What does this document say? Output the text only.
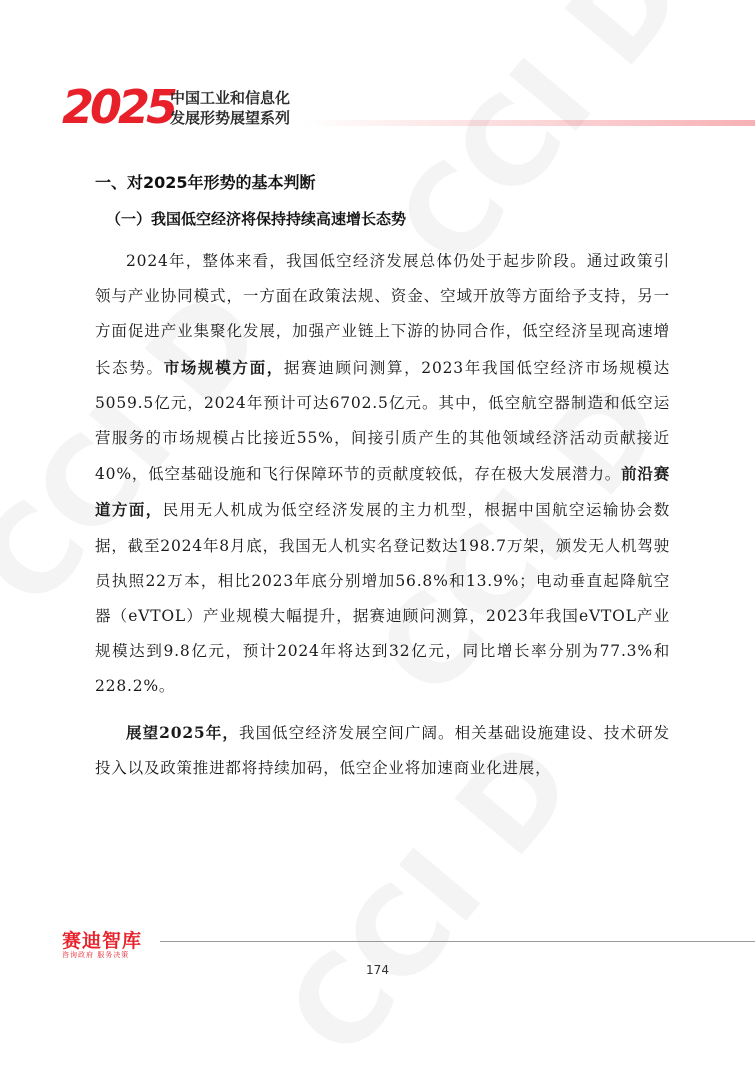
2025
中国工业和信息化
发展形势展望系列
一、对2025年形势的基本判断
（一）我国低空经济将保持持续高速增长态势

2024年，整体来看，我国低空经济发展总体仍处于起步阶段。通过政策引领与产业协同模式，一方面在政策法规、资金、空域开放等方面给予支持，另一方面促进产业集聚化发展，加强产业链上下游的协同合作，低空经济呈现高速增长态势。市场规模方面，据赛迪顾问测算，2023年我国低空经济市场规模达5059.5亿元，2024年预计可达6702.5亿元。其中，低空航空器制造和低空运营服务的市场规模占比接近55%，间接引质产生的其他领域经济活动贡献接近40%，低空基础设施和飞行保障环节的贡献度较低，存在极大发展潜力。前沿赛道方面，民用无人机成为低空经济发展的主力机型，根据中国航空运输协会数据，截至2024年8月底，我国无人机实名登记数达198.7万架，颁发无人机驾驶员执照22万本，相比2023年底分别增加56.8%和13.9%；电动垂直起降航空器（eVTOL）产业规模大幅提升，据赛迪顾问测算，2023年我国eVTOL产业规模达到9.8亿元，预计2024年将达到32亿元，同比增长率分别为77.3%和228.2%。

展望2025年，我国低空经济发展空间广阔。相关基础设施建设、技术研发投入以及政策推进都将持续加码，低空企业将加速商业化进展，

赛迪智库
咨询政府 服务决策
174
